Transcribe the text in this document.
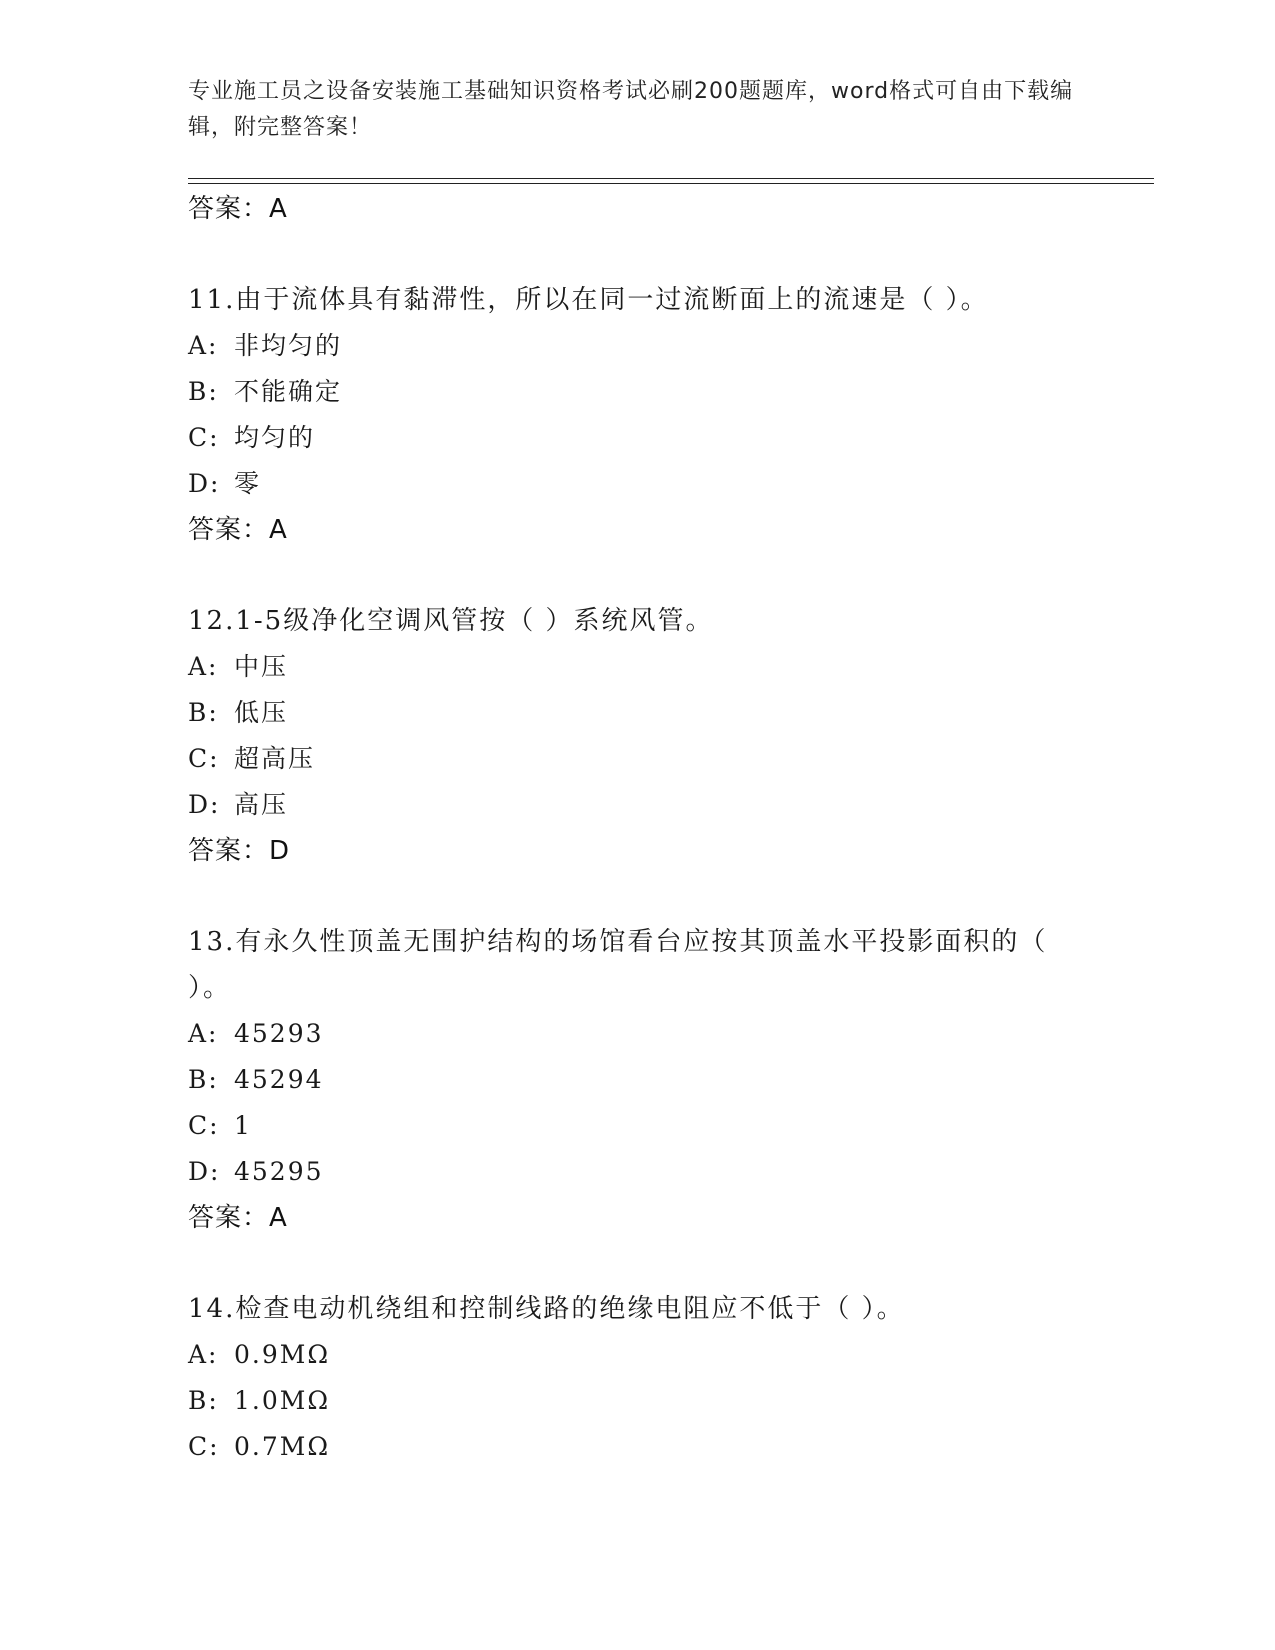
专业施工员之设备安装施工基础知识资格考试必刷200题题库，word格式可自由下载编辑，附完整答案！
答案：A
11.由于流体具有黏滞性，所以在同一过流断面上的流速是（ ）。
A: 非均匀的
B: 不能确定
C: 均匀的
D: 零
答案：A
12.1-5级净化空调风管按（ ）系统风管。
A: 中压
B: 低压
C: 超高压
D: 高压
答案：D
13.有永久性顶盖无围护结构的场馆看台应按其顶盖水平投影面积的（ ）。
A: 45293
B: 45294
C: 1
D: 45295
答案：A
14.检查电动机绕组和控制线路的绝缘电阻应不低于（ ）。
A: 0.9MΩ
B: 1.0MΩ
C: 0.7MΩ
